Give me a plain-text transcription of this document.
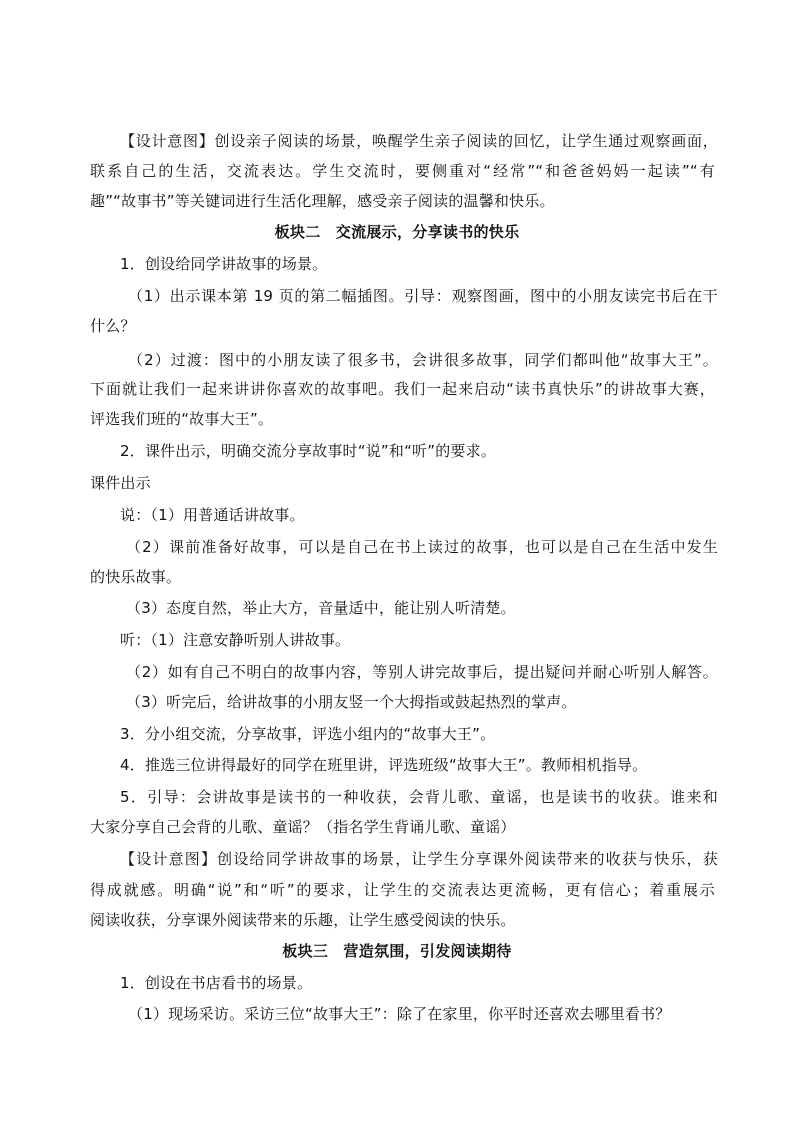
【设计意图】创设亲子阅读的场景，唤醒学生亲子阅读的回忆，让学生通过观察画面，
联系自己的生活，交流表达。学生交流时，要侧重对“经常”“和爸爸妈妈一起读”“有
趣”“故事书”等关键词进行生活化理解，感受亲子阅读的温馨和快乐。
板块二　交流展示，分享读书的快乐
1．创设给同学讲故事的场景。
（1）出示课本第 19 页的第二幅插图。引导：观察图画，图中的小朋友读完书后在干
什么？
（2）过渡：图中的小朋友读了很多书，会讲很多故事，同学们都叫他“故事大王”。
下面就让我们一起来讲讲你喜欢的故事吧。我们一起来启动“读书真快乐”的讲故事大赛，
评选我们班的“故事大王”。
2．课件出示，明确交流分享故事时“说”和“听”的要求。
课件出示
说：（1）用普通话讲故事。
（2）课前准备好故事，可以是自己在书上读过的故事，也可以是自己在生活中发生
的快乐故事。
（3）态度自然，举止大方，音量适中，能让别人听清楚。
听：（1）注意安静听别人讲故事。
（2）如有自己不明白的故事内容，等别人讲完故事后，提出疑问并耐心听别人解答。
（3）听完后，给讲故事的小朋友竖一个大拇指或鼓起热烈的掌声。
3．分小组交流，分享故事，评选小组内的“故事大王”。
4．推选三位讲得最好的同学在班里讲，评选班级“故事大王”。教师相机指导。
5．引导：会讲故事是读书的一种收获，会背儿歌、童谣，也是读书的收获。谁来和
大家分享自己会背的儿歌、童谣？（指名学生背诵儿歌、童谣）
【设计意图】创设给同学讲故事的场景，让学生分享课外阅读带来的收获与快乐，获
得成就感。明确“说”和“听”的要求，让学生的交流表达更流畅，更有信心；着重展示
阅读收获，分享课外阅读带来的乐趣，让学生感受阅读的快乐。
板块三　营造氛围，引发阅读期待
1．创设在书店看书的场景。
（1）现场采访。采访三位“故事大王”：除了在家里，你平时还喜欢去哪里看书？
